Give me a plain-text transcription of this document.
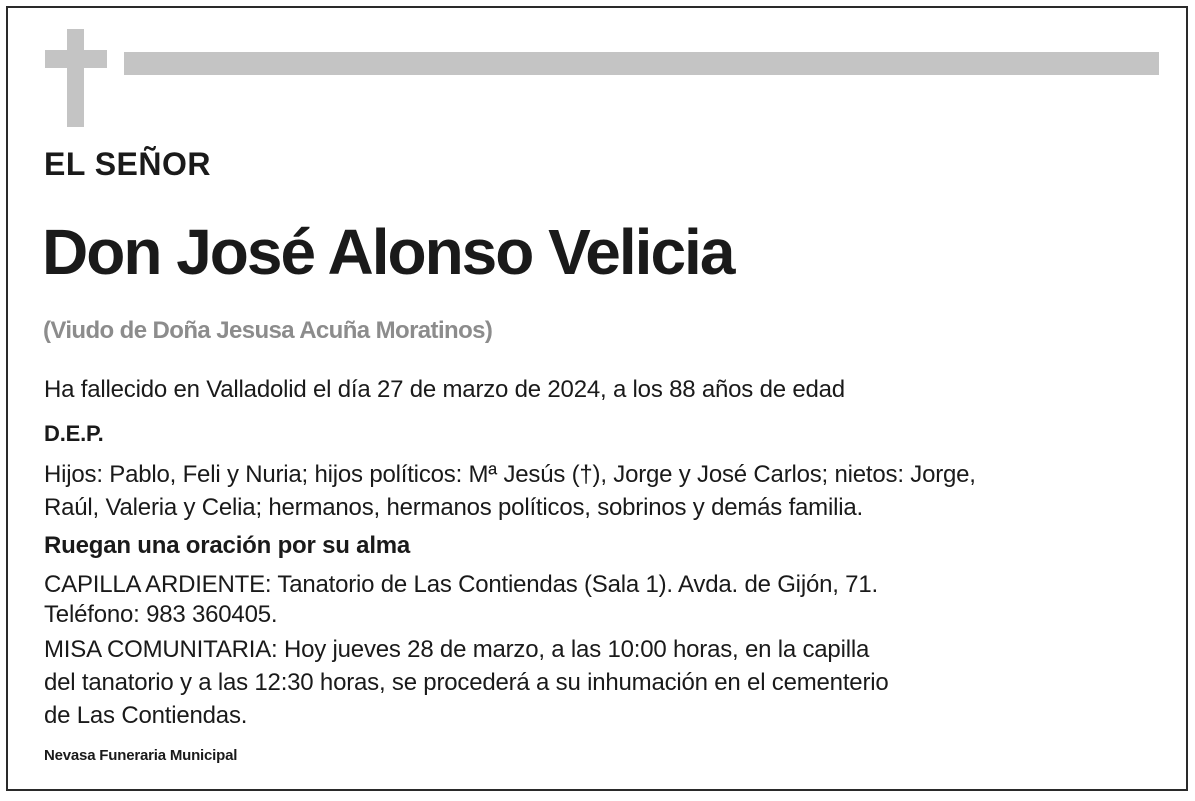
EL SEÑOR
Don José Alonso Velicia
(Viudo de Doña Jesusa Acuña Moratinos)
Ha fallecido en Valladolid el día 27 de marzo de 2024, a los 88 años de edad
D.E.P.
Hijos: Pablo, Feli y Nuria; hijos políticos: Mª Jesús (†), Jorge y José Carlos; nietos: Jorge,
Raúl, Valeria y Celia; hermanos, hermanos políticos, sobrinos y demás familia.
Ruegan una oración por su alma
CAPILLA ARDIENTE: Tanatorio de Las Contiendas (Sala 1). Avda. de Gijón, 71.
Teléfono: 983 360405.
MISA COMUNITARIA: Hoy jueves 28 de marzo, a las 10:00 horas, en la capilla
del tanatorio y a las 12:30 horas, se procederá a su inhumación en el cementerio
de Las Contiendas.
Nevasa Funeraria Municipal
